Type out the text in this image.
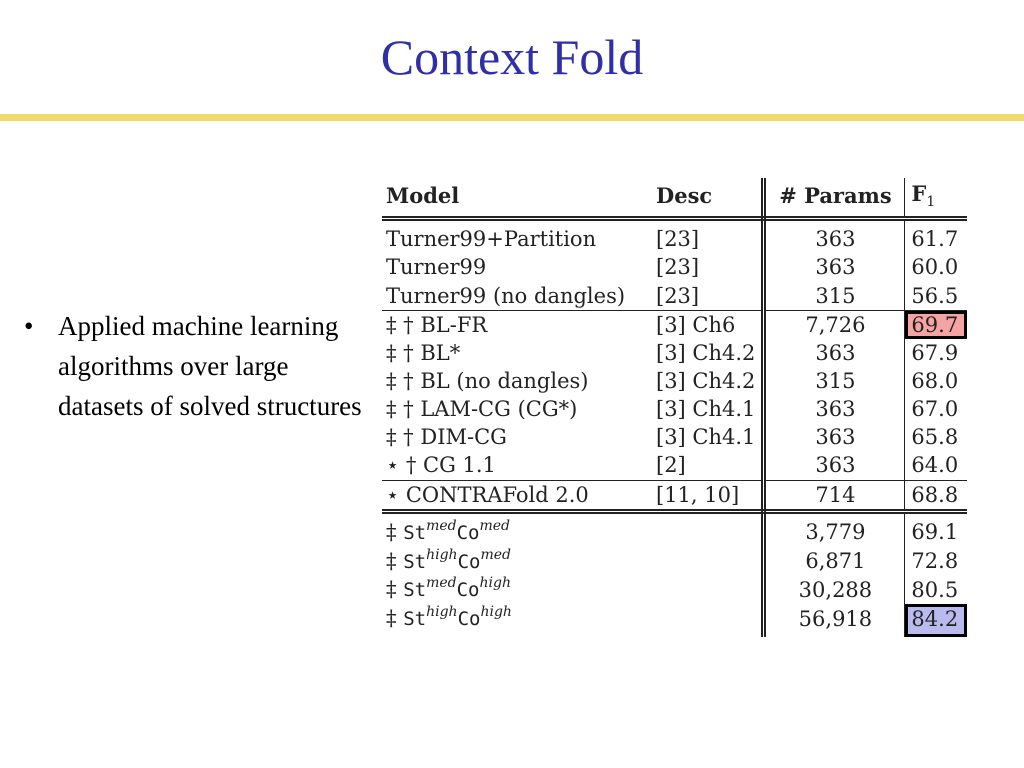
Context Fold
• Applied machine learning algorithms over large datasets of solved structures
Model	Desc	# Params	$F_1$
Turner99+Partition	[23]	363	61.7
Turner99	[23]	363	60.0
Turner99 (no dangles)	[23]	315	56.5
‡ † BL-FR	[3] Ch6	7,726	69.7
‡ † BL*	[3] Ch4.2	363	67.9
‡ † BL (no dangles)	[3] Ch4.2	315	68.0
‡ † LAM-CG (CG*)	[3] Ch4.1	363	67.0
‡ † DIM-CG	[3] Ch4.1	363	65.8
⋆ † CG 1.1	[2]	363	64.0
⋆ CONTRAFold 2.0	[11, 10]	714	68.8
‡ $St^{med}Co^{med}$		3,779	69.1
‡ $St^{high}Co^{med}$		6,871	72.8
‡ $St^{med}Co^{high}$		30,288	80.5
‡ $St^{high}Co^{high}$		56,918	84.2
